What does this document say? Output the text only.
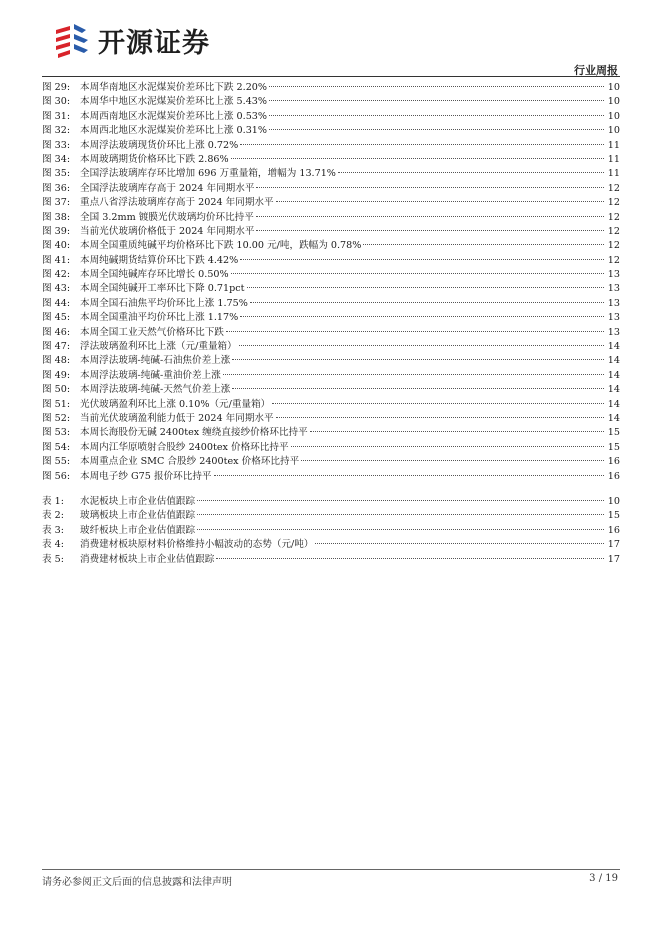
开源证券
行业周报
图 29:	本周华南地区水泥煤炭价差环比下跌 2.20%	10
图 30:	本周华中地区水泥煤炭价差环比上涨 5.43%	10
图 31:	本周西南地区水泥煤炭价差环比上涨 0.53%	10
图 32:	本周西北地区水泥煤炭价差环比上涨 0.31%	10
图 33:	本周浮法玻璃现货价环比上涨 0.72%	11
图 34:	本周玻璃期货价格环比下跌 2.86%	11
图 35:	全国浮法玻璃库存环比增加 696 万重量箱，增幅为 13.71%	11
图 36:	全国浮法玻璃库存高于 2024 年同期水平	12
图 37:	重点八省浮法玻璃库存高于 2024 年同期水平	12
图 38:	全国 3.2mm 镀膜光伏玻璃均价环比持平	12
图 39:	当前光伏玻璃价格低于 2024 年同期水平	12
图 40:	本周全国重质纯碱平均价格环比下跌 10.00 元/吨，跌幅为 0.78%	12
图 41:	本周纯碱期货结算价环比下跌 4.42%	12
图 42:	本周全国纯碱库存环比增长 0.50%	13
图 43:	本周全国纯碱开工率环比下降 0.71pct	13
图 44:	本周全国石油焦平均价环比上涨 1.75%	13
图 45:	本周全国重油平均价环比上涨 1.17%	13
图 46:	本周全国工业天然气价格环比下跌	13
图 47:	浮法玻璃盈利环比上涨（元/重量箱）	14
图 48:	本周浮法玻璃-纯碱-石油焦价差上涨	14
图 49:	本周浮法玻璃-纯碱-重油价差上涨	14
图 50:	本周浮法玻璃-纯碱-天然气价差上涨	14
图 51:	光伏玻璃盈利环比上涨 0.10%（元/重量箱）	14
图 52:	当前光伏玻璃盈利能力低于 2024 年同期水平	14
图 53:	本周长海股份无碱 2400tex 缠绕直接纱价格环比持平	15
图 54:	本周内江华原喷射合股纱 2400tex 价格环比持平	15
图 55:	本周重点企业 SMC 合股纱 2400tex 价格环比持平	16
图 56:	本周电子纱 G75 报价环比持平	16
表 1:	水泥板块上市企业估值跟踪	10
表 2:	玻璃板块上市企业估值跟踪	15
表 3:	玻纤板块上市企业估值跟踪	16
表 4:	消费建材板块原材料价格维持小幅波动的态势（元/吨）	17
表 5:	消费建材板块上市企业估值跟踪	17
请务必参阅正文后面的信息披露和法律声明	3 / 19
